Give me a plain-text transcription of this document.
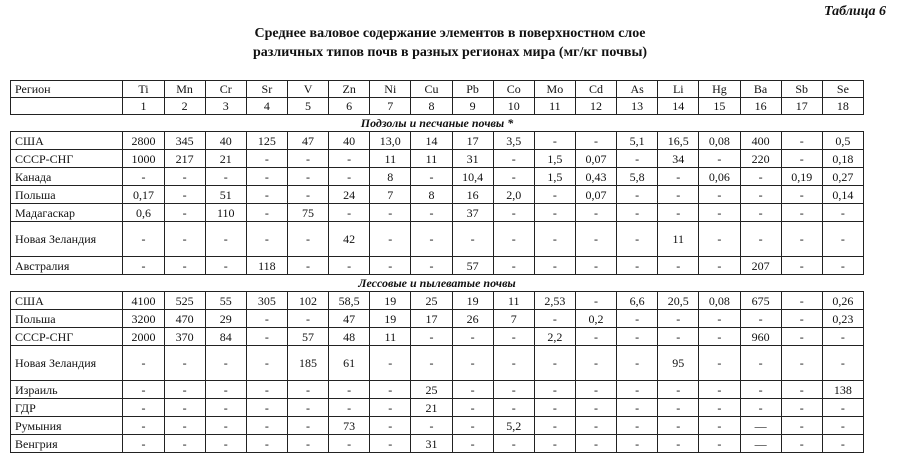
Таблица 6
Среднее валовое содержание элементов в поверхностном слое
различных типов почв в разных регионах мира (мг/кг почвы)
Регион	Ti	Mn	Cr	Sr	V	Zn	Ni	Cu	Pb	Co	Mo	Cd	As	Li	Hg	Ba	Sb	Se
	1	2	3	4	5	6	7	8	9	10	11	12	13	14	15	16	17	18
Подзолы и песчаные почвы *																		
США	2800	345	40	125	47	40	13,0	14	17	3,5	-	-	5,1	16,5	0,08	400	-	0,5
СССР-СНГ	1000	217	21	-	-	-	11	11	31	-	1,5	0,07	-	34	-	220	-	0,18
Канада	-	-	-	-	-	-	8	-	10,4	-	1,5	0,43	5,8	-	0,06	-	0,19	0,27
Польша	0,17	-	51	-	-	24	7	8	16	2,0	-	0,07	-	-	-	-	-	0,14
Мадагаскар	0,6	-	110	-	75	-	-	-	37	-	-	-	-	-	-	-	-	-
Новая Зеландия	-	-	-	-	-	42	-	-	-	-	-	-	-	11	-	-	-	-
Австралия	-	-	-	118	-	-	-	-	57	-	-	-	-	-	-	207	-	-
Лессовые и пылеватые почвы																		
США	4100	525	55	305	102	58,5	19	25	19	11	2,53	-	6,6	20,5	0,08	675	-	0,26
Польша	3200	470	29	-	-	47	19	17	26	7	-	0,2	-	-	-	-	-	0,23
СССР-СНГ	2000	370	84	-	57	48	11	-	-	-	2,2	-	-	-	-	960	-	-
Новая Зеландия	-	-	-	-	185	61	-	-	-	-	-	-	-	95	-	-	-	-
Израиль	-	-	-	-	-	-	-	25	-	-	-	-	-	-	-	-	-	138
ГДР	-	-	-	-	-	-	-	21	-	-	-	-	-	-	-	-	-	-
Румыния	-	-	-	-	-	73	-	-	-	5,2	-	-	-	-	-	—	-	-
Венгрия	-	-	-	-	-	-	-	31	-	-	-	-	-	-	-	—	-	-
